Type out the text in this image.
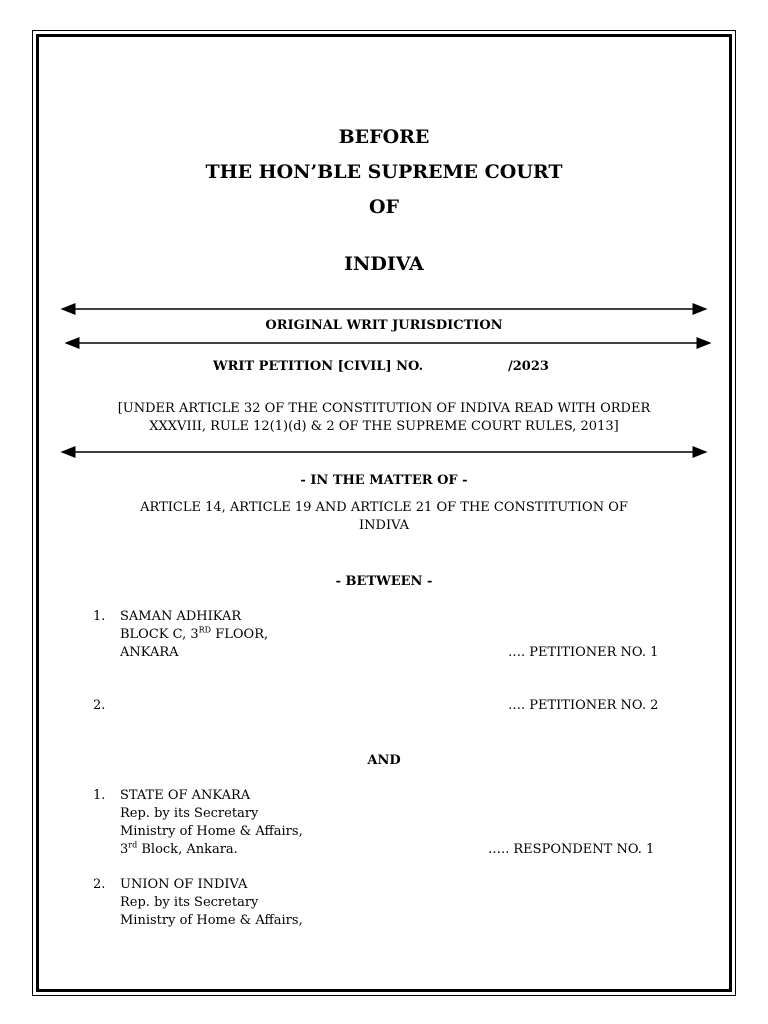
BEFORE
THE HON’BLE SUPREME COURT
OF
INDIVA
ORIGINAL WRIT JURISDICTION
WRIT PETITION [CIVIL] NO.	/2023
[UNDER ARTICLE 32 OF THE CONSTITUTION OF INDIVA READ WITH ORDER
XXXVIII, RULE 12(1)(d) & 2 OF THE SUPREME COURT RULES, 2013]
- IN THE MATTER OF -
ARTICLE 14, ARTICLE 19 AND ARTICLE 21 OF THE CONSTITUTION OF
INDIVA
- BETWEEN -
1. SAMAN ADHIKAR
BLOCK C, 3RD FLOOR,
ANKARA	…. PETITIONER NO. 1
2.	…. PETITIONER NO. 2
AND
1. STATE OF ANKARA
Rep. by its Secretary
Ministry of Home & Affairs,
3rd Block, Ankara.	….. RESPONDENT NO. 1
2. UNION OF INDIVA
Rep. by its Secretary
Ministry of Home & Affairs,
